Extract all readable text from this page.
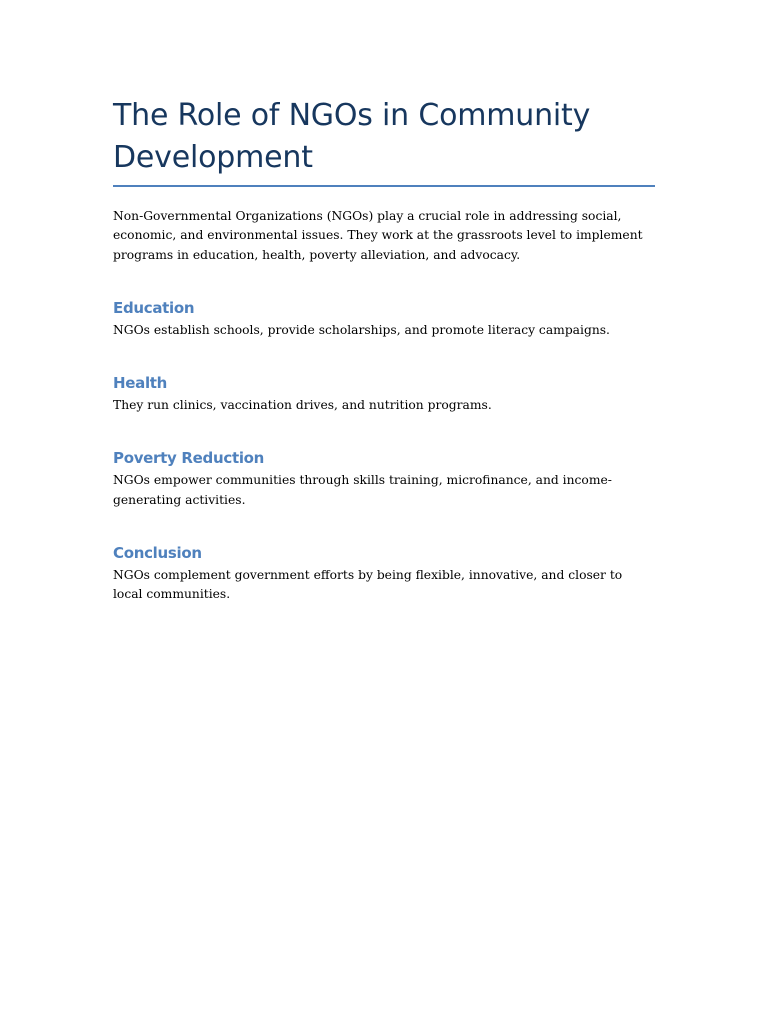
The Role of NGOs in Community Development

Non-Governmental Organizations (NGOs) play a crucial role in addressing social, economic, and environmental issues. They work at the grassroots level to implement programs in education, health, poverty alleviation, and advocacy.

Education

NGOs establish schools, provide scholarships, and promote literacy campaigns.

Health

They run clinics, vaccination drives, and nutrition programs.

Poverty Reduction

NGOs empower communities through skills training, microfinance, and income-generating activities.

Conclusion

NGOs complement government efforts by being flexible, innovative, and closer to local communities.
